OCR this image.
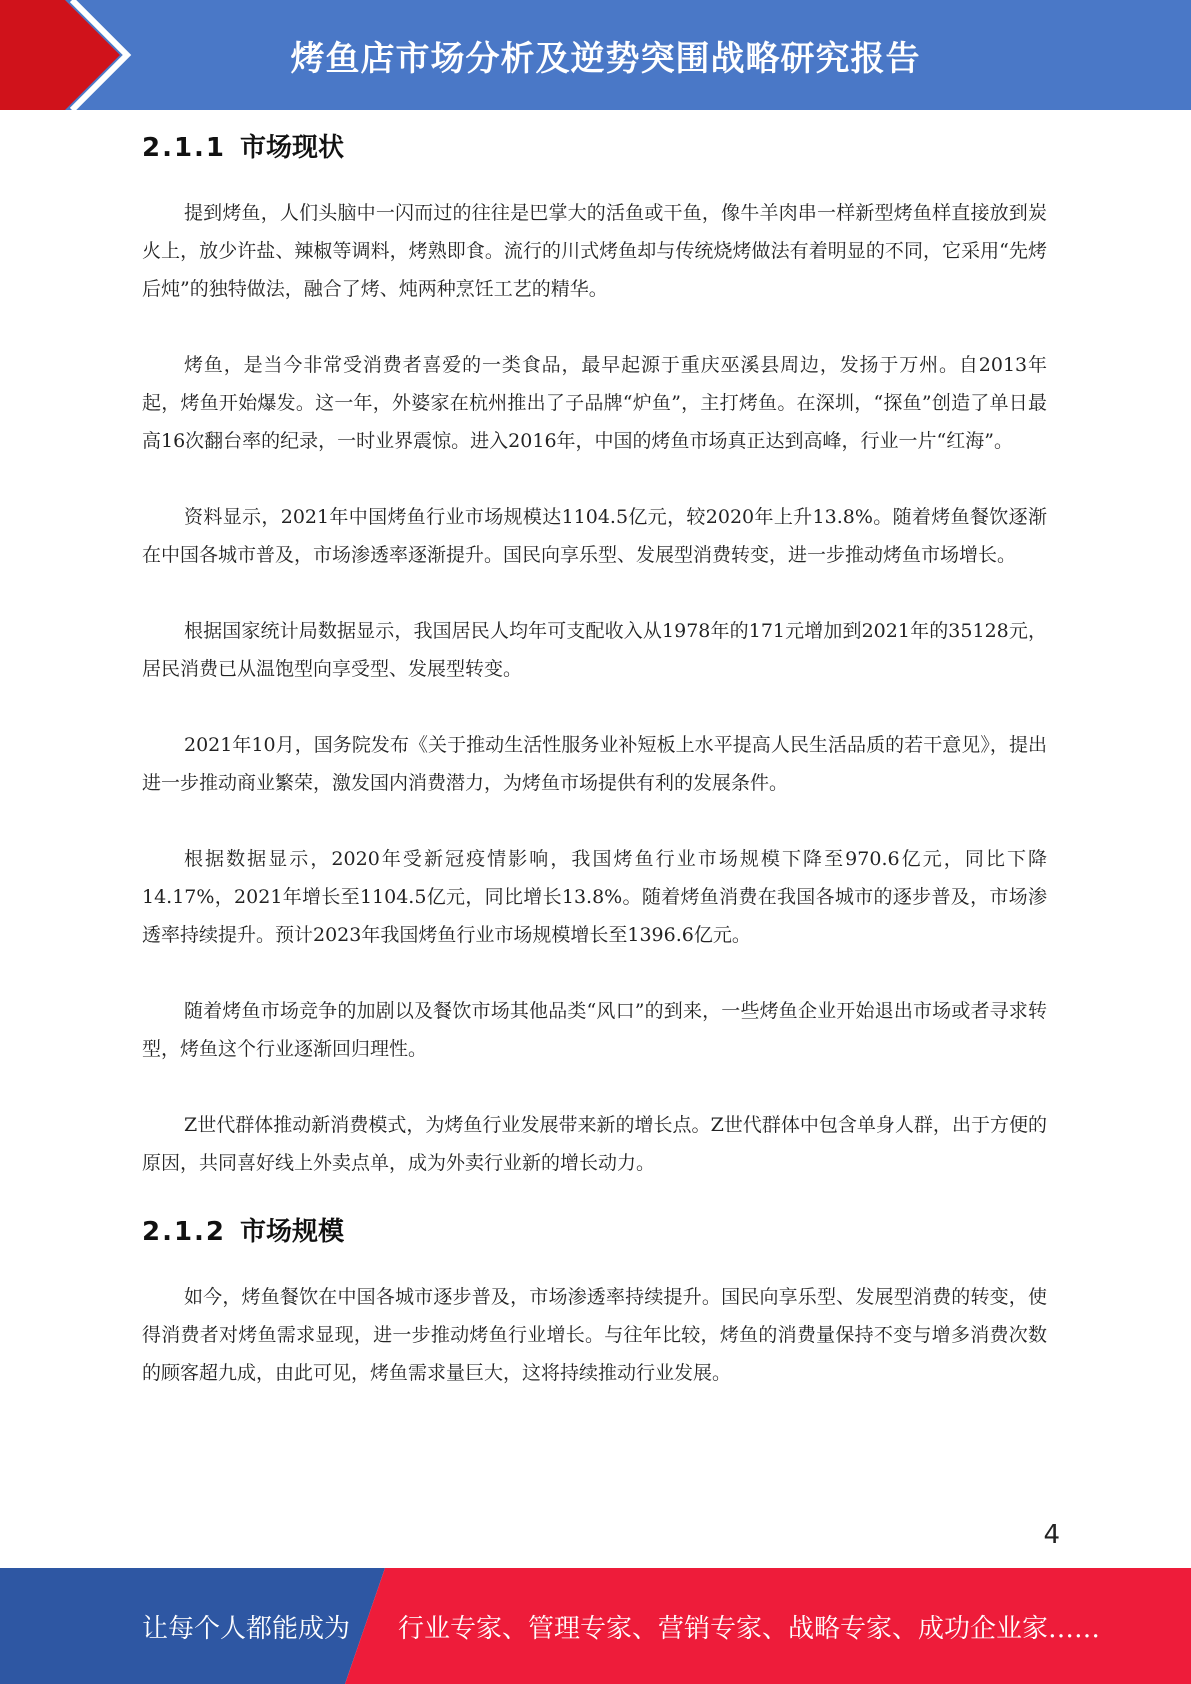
烤鱼店市场分析及逆势突围战略研究报告
2.1.1 市场现状

提到烤鱼，人们头脑中一闪而过的往往是巴掌大的活鱼或干鱼，像牛羊肉串一样新型烤鱼样直接放到炭火上，放少许盐、辣椒等调料，烤熟即食。流行的川式烤鱼却与传统烧烤做法有着明显的不同，它采用“先烤后炖”的独特做法，融合了烤、炖两种烹饪工艺的精华。

烤鱼，是当今非常受消费者喜爱的一类食品，最早起源于重庆巫溪县周边，发扬于万州。自2013年起，烤鱼开始爆发。这一年，外婆家在杭州推出了子品牌“炉鱼”，主打烤鱼。在深圳，“探鱼”创造了单日最高16次翻台率的纪录，一时业界震惊。进入2016年，中国的烤鱼市场真正达到高峰，行业一片“红海”。

资料显示，2021年中国烤鱼行业市场规模达1104.5亿元，较2020年上升13.8%。随着烤鱼餐饮逐渐在中国各城市普及，市场渗透率逐渐提升。国民向享乐型、发展型消费转变，进一步推动烤鱼市场增长。

根据国家统计局数据显示，我国居民人均年可支配收入从1978年的171元增加到2021年的35128元，居民消费已从温饱型向享受型、发展型转变。

2021年10月，国务院发布《关于推动生活性服务业补短板上水平提高人民生活品质的若干意见》，提出进一步推动商业繁荣，激发国内消费潜力，为烤鱼市场提供有利的发展条件。

根据数据显示，2020年受新冠疫情影响，我国烤鱼行业市场规模下降至970.6亿元，同比下降14.17%，2021年增长至1104.5亿元，同比增长13.8%。随着烤鱼消费在我国各城市的逐步普及，市场渗透率持续提升。预计2023年我国烤鱼行业市场规模增长至1396.6亿元。

随着烤鱼市场竞争的加剧以及餐饮市场其他品类“风口”的到来，一些烤鱼企业开始退出市场或者寻求转型，烤鱼这个行业逐渐回归理性。

Z世代群体推动新消费模式，为烤鱼行业发展带来新的增长点。Z世代群体中包含单身人群，出于方便的原因，共同喜好线上外卖点单，成为外卖行业新的增长动力。

2.1.2 市场规模

如今，烤鱼餐饮在中国各城市逐步普及，市场渗透率持续提升。国民向享乐型、发展型消费的转变，使得消费者对烤鱼需求显现，进一步推动烤鱼行业增长。与往年比较，烤鱼的消费量保持不变与增多消费次数的顾客超九成，由此可见，烤鱼需求量巨大，这将持续推动行业发展。

4
让每个人都能成为 行业专家、管理专家、营销专家、战略专家、成功企业家……
